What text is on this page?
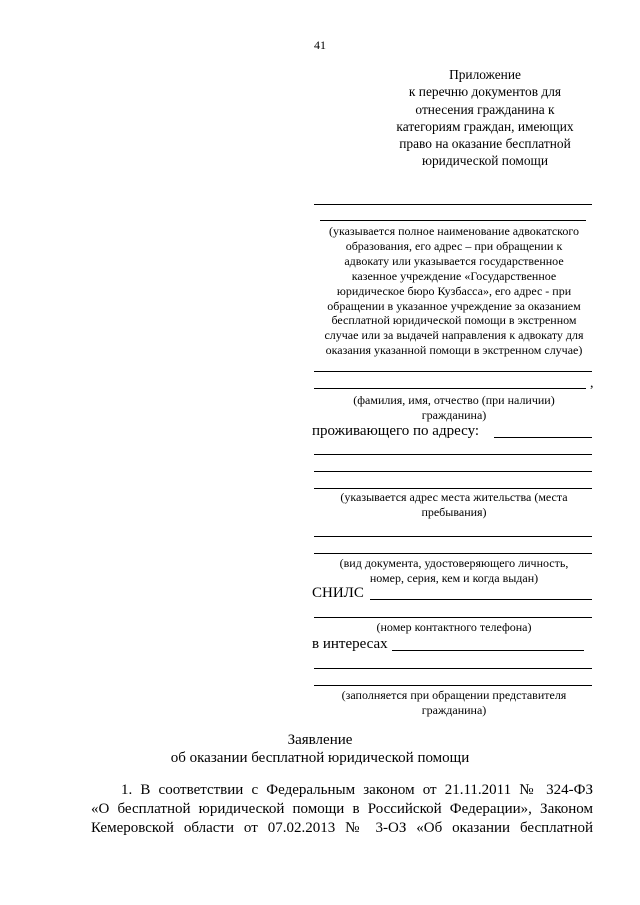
41
Приложение
к перечню документов для
отнесения гражданина к
категориям граждан, имеющих
право на оказание бесплатной
юридической помощи
(указывается полное наименование адвокатского
образования, его адрес – при обращении к
адвокату или указывается государственное
казенное учреждение «Государственное
юридическое бюро Кузбасса», его адрес - при
обращении в указанное учреждение за оказанием
бесплатной юридической помощи в экстренном
случае или за выдачей направления к адвокату для
оказания указанной помощи в экстренном случае)
,
(фамилия, имя, отчество (при наличии)
гражданина)
проживающего по адресу:
(указывается адрес места жительства (места
пребывания)
(вид документа, удостоверяющего личность,
номер, серия, кем и когда выдан)
СНИЛС
(номер контактного телефона)
в интересах
(заполняется при обращении представителя
гражданина)
Заявление
об оказании бесплатной юридической помощи
1. В соответствии с Федеральным законом от 21.11.2011 № 324-ФЗ
«О бесплатной юридической помощи в Российской Федерации», Законом
Кемеровской области от 07.02.2013 № 3-ОЗ «Об оказании бесплатной
